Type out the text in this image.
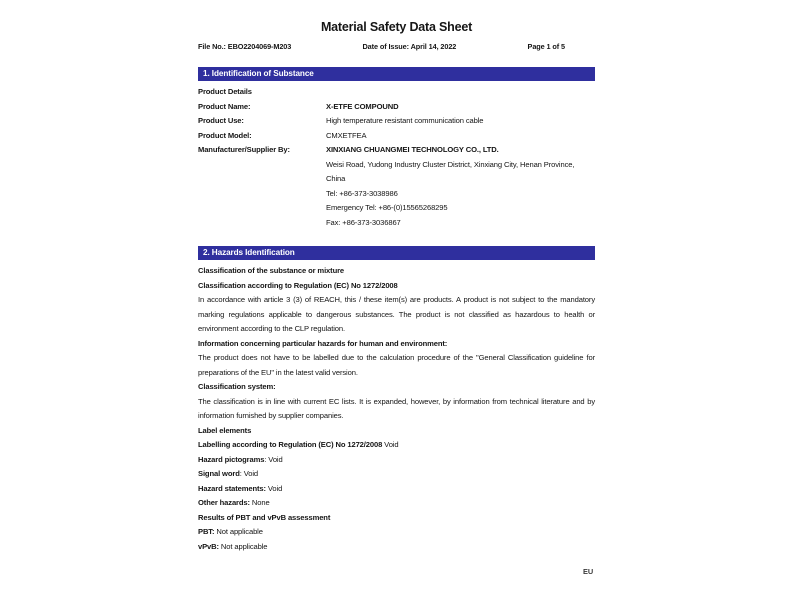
Material Safety Data Sheet
File No.: EBO2204069-M203	Date of Issue: April 14, 2022	Page 1 of 5
1. Identification of Substance
Product Details
Product Name:	X-ETFE COMPOUND
Product Use:	High temperature resistant communication cable
Product Model:	CMXETFEA
Manufacturer/Supplier By:	XINXIANG CHUANGMEI TECHNOLOGY CO., LTD.
Weisi Road, Yudong Industry Cluster District, Xinxiang City, Henan Province,
China
Tel: +86-373-3038986
Emergency Tel: +86-(0)15565268295
Fax: +86-373-3036867
2. Hazards Identification
Classification of the substance or mixture
Classification according to Regulation (EC) No 1272/2008
In accordance with article 3 (3) of REACH, this / these item(s) are products. A product is not subject to the mandatory marking regulations applicable to dangerous substances. The product is not classified as hazardous to health or environment according to the CLP regulation.
Information concerning particular hazards for human and environment:
The product does not have to be labelled due to the calculation procedure of the "General Classification guideline for preparations of the EU" in the latest valid version.
Classification system:
The classification is in line with current EC lists. It is expanded, however, by information from technical literature and by information furnished by supplier companies.
Label elements
Labelling according to Regulation (EC) No 1272/2008 Void
Hazard pictograms: Void
Signal word: Void
Hazard statements: Void
Other hazards: None
Results of PBT and vPvB assessment
PBT: Not applicable
vPvB: Not applicable
EU
